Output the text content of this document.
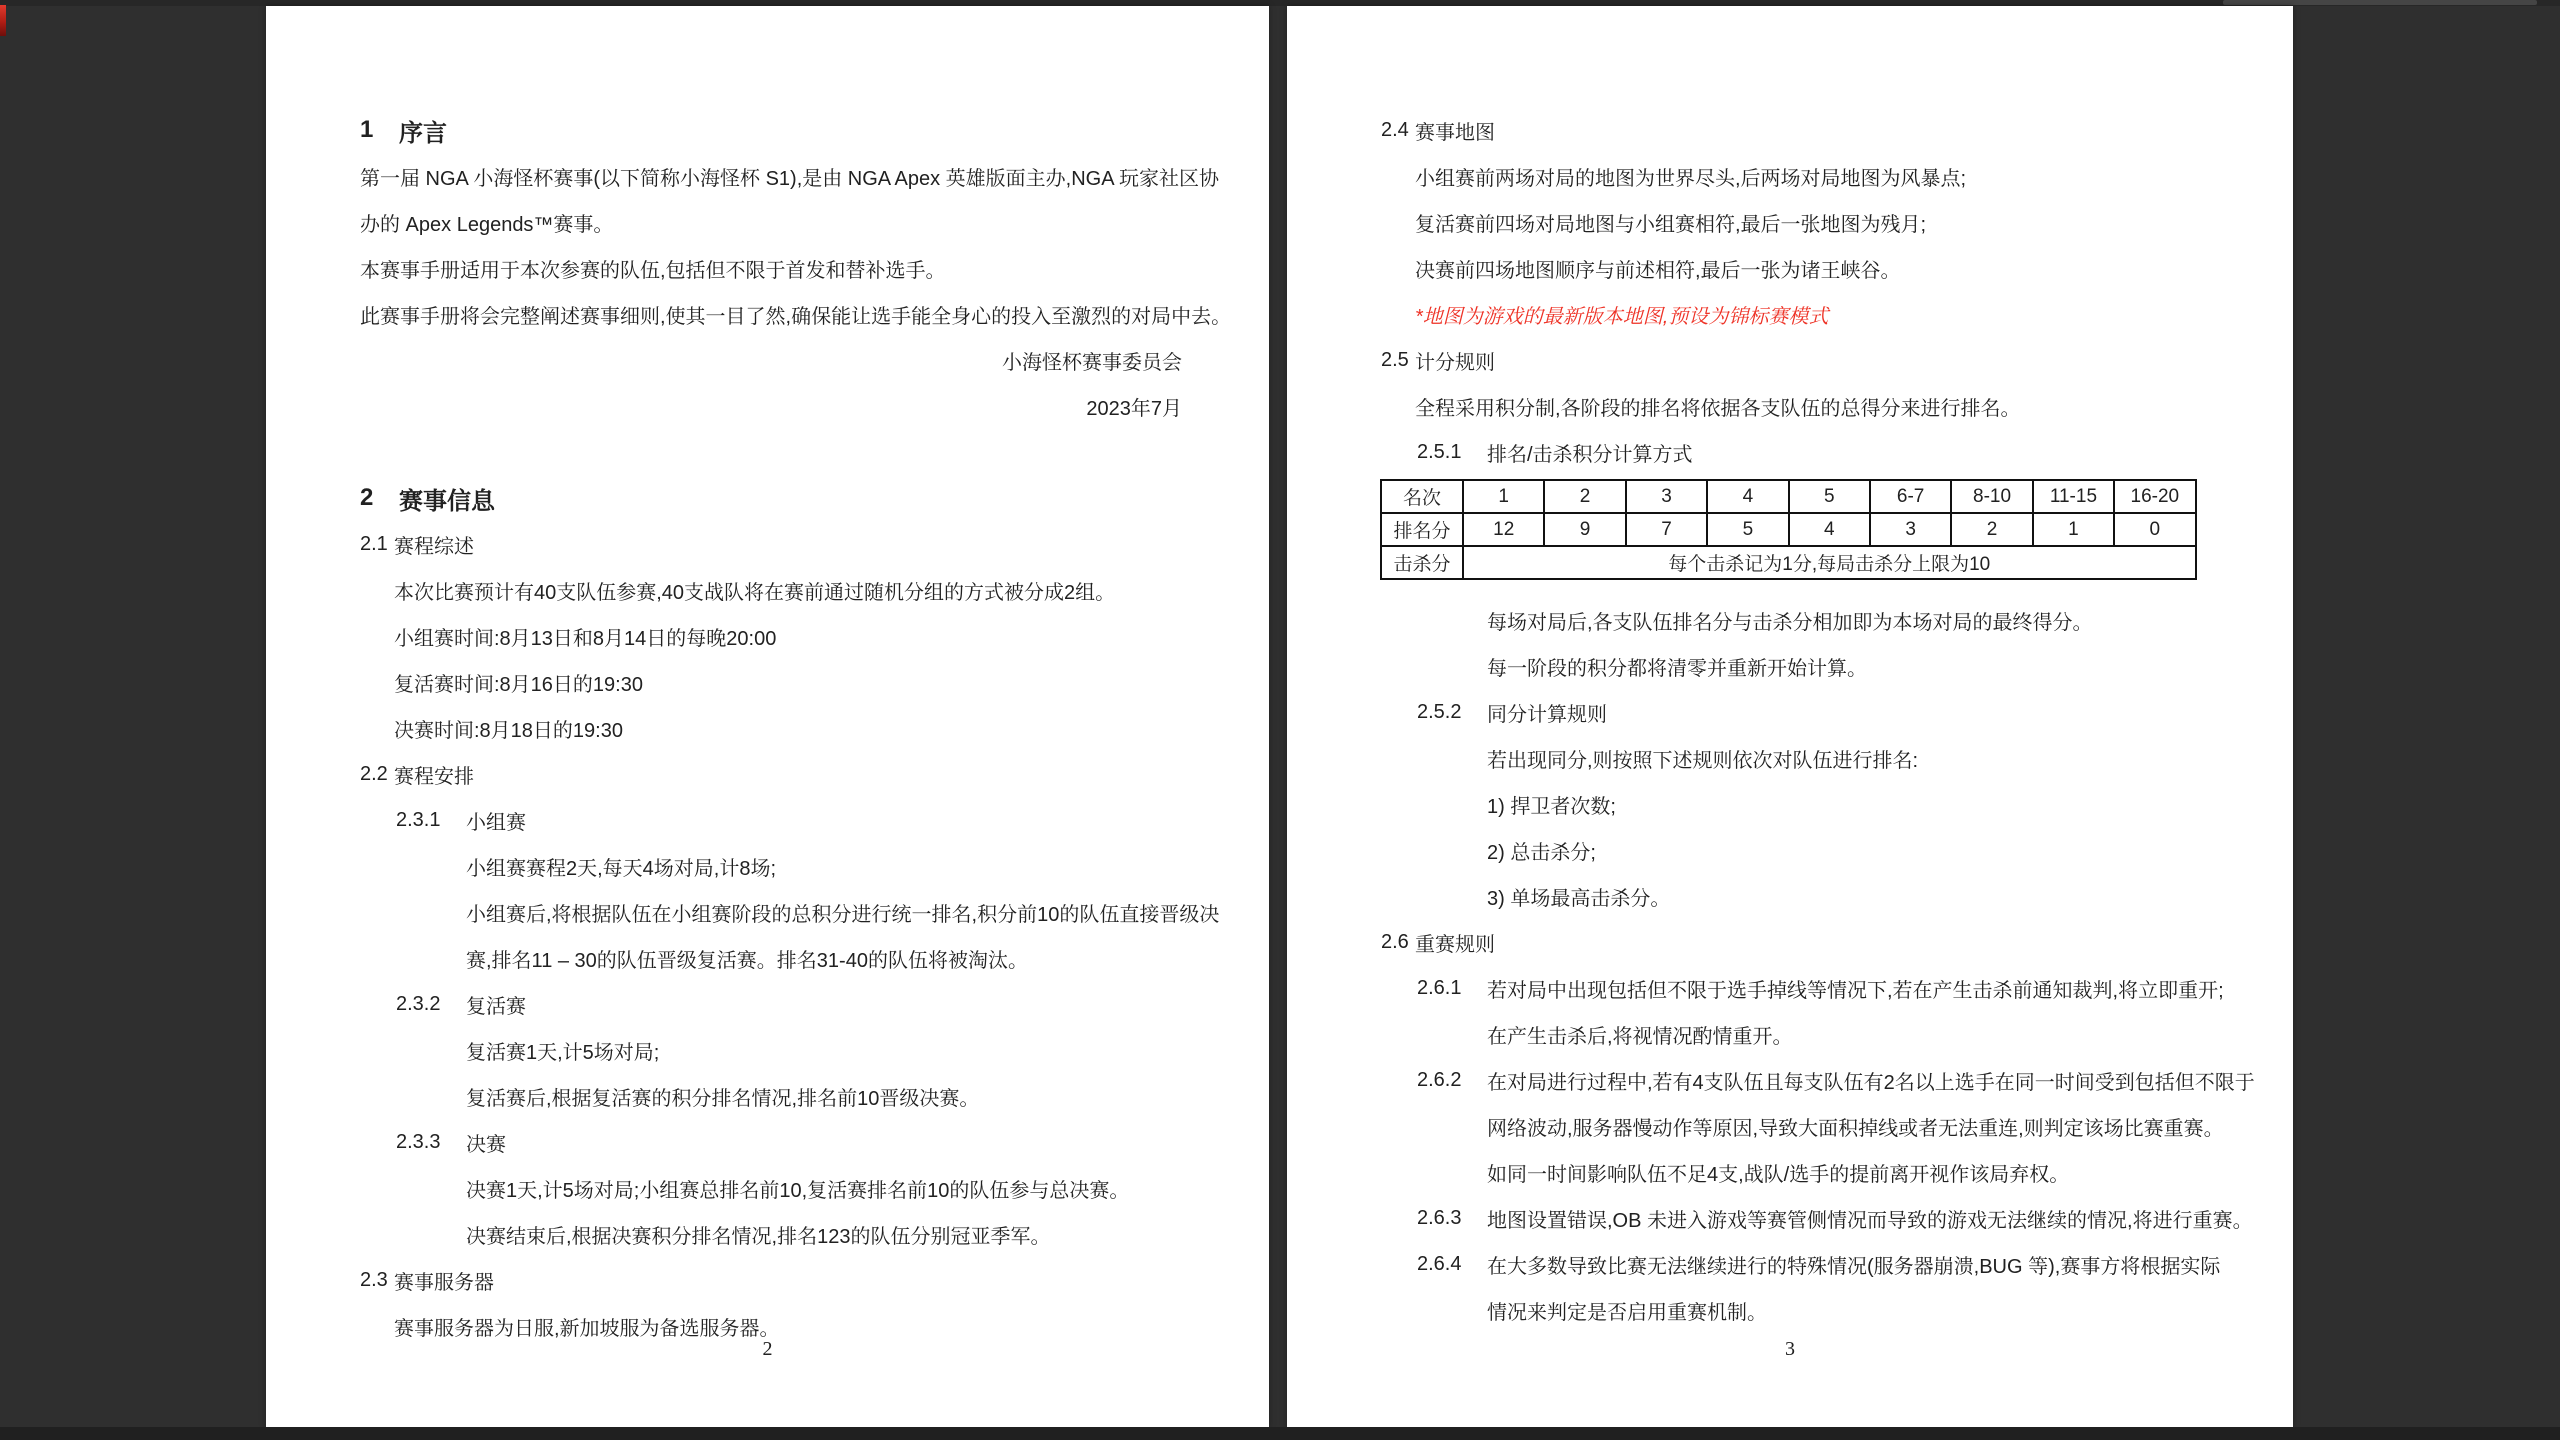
1	序言
第一届 NGA 小海怪杯赛事(以下简称小海怪杯 S1),是由 NGA Apex 英雄版面主办,NGA 玩家社区协
办的 Apex Legends™赛事。
本赛事手册适用于本次参赛的队伍,包括但不限于首发和替补选手。
此赛事手册将会完整阐述赛事细则,使其一目了然,确保能让选手能全身心的投入至激烈的对局中去。
小海怪杯赛事委员会
2023年7月
2	赛事信息
2.1 赛程综述
本次比赛预计有40支队伍参赛,40支战队将在赛前通过随机分组的方式被分成2组。
小组赛时间:8月13日和8月14日的每晚20:00
复活赛时间:8月16日的19:30
决赛时间:8月18日的19:30
2.2 赛程安排
2.3.1	小组赛
小组赛赛程2天,每天4场对局,计8场;
小组赛后,将根据队伍在小组赛阶段的总积分进行统一排名,积分前10的队伍直接晋级决
赛,排名11 – 30的队伍晋级复活赛。排名31-40的队伍将被淘汰。
2.3.2	复活赛
复活赛1天,计5场对局;
复活赛后,根据复活赛的积分排名情况,排名前10晋级决赛。
2.3.3	决赛
决赛1天,计5场对局;小组赛总排名前10,复活赛排名前10的队伍参与总决赛。
决赛结束后,根据决赛积分排名情况,排名123的队伍分别冠亚季军。
2.3 赛事服务器
赛事服务器为日服,新加坡服为备选服务器。
2
2.4 赛事地图
小组赛前两场对局的地图为世界尽头,后两场对局地图为风暴点;
复活赛前四场对局地图与小组赛相符,最后一张地图为残月;
决赛前四场地图顺序与前述相符,最后一张为诸王峡谷。
*地图为游戏的最新版本地图,预设为锦标赛模式
2.5 计分规则
全程采用积分制,各阶段的排名将依据各支队伍的总得分来进行排名。
2.5.1	排名/击杀积分计算方式
名次	1	2	3	4	5	6-7	8-10	11-15	16-20
排名分	12	9	7	5	4	3	2	1	0
击杀分	每个击杀记为1分,每局击杀分上限为10								
每场对局后,各支队伍排名分与击杀分相加即为本场对局的最终得分。
每一阶段的积分都将清零并重新开始计算。
2.5.2	同分计算规则
若出现同分,则按照下述规则依次对队伍进行排名:
1) 捍卫者次数;
2) 总击杀分;
3) 单场最高击杀分。
2.6 重赛规则
2.6.1	若对局中出现包括但不限于选手掉线等情况下,若在产生击杀前通知裁判,将立即重开;
在产生击杀后,将视情况酌情重开。
2.6.2	在对局进行过程中,若有4支队伍且每支队伍有2名以上选手在同一时间受到包括但不限于
网络波动,服务器慢动作等原因,导致大面积掉线或者无法重连,则判定该场比赛重赛。
如同一时间影响队伍不足4支,战队/选手的提前离开视作该局弃权。
2.6.3	地图设置错误,OB 未进入游戏等赛管侧情况而导致的游戏无法继续的情况,将进行重赛。
2.6.4	在大多数导致比赛无法继续进行的特殊情况(服务器崩溃,BUG 等),赛事方将根据实际
情况来判定是否启用重赛机制。
3
